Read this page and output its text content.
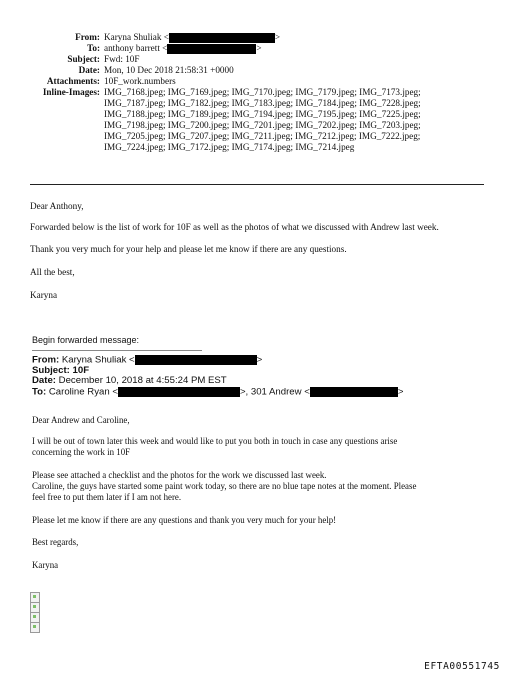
From: Karyna Shuliak <	>
To: anthony barrett <	>
Subject: Fwd: 10F
Date: Mon, 10 Dec 2018 21:58:31 +0000
Attachments: 10F_work.numbers
Inline-Images: IMG_7168.jpeg; IMG_7169.jpeg; IMG_7170.jpeg; IMG_7179.jpeg; IMG_7173.jpeg; IMG_7187.jpeg; IMG_7182.jpeg; IMG_7183.jpeg; IMG_7184.jpeg; IMG_7228.jpeg; IMG_7188.jpeg; IMG_7189.jpeg; IMG_7194.jpeg; IMG_7195.jpeg; IMG_7225.jpeg; IMG_7198.jpeg; IMG_7200.jpeg; IMG_7201.jpeg; IMG_7202.jpeg; IMG_7203.jpeg; IMG_7205.jpeg; IMG_7207.jpeg; IMG_7211.jpeg; IMG_7212.jpeg; IMG_7222.jpeg; IMG_7224.jpeg; IMG_7172.jpeg; IMG_7174.jpeg; IMG_7214.jpeg
Dear Anthony,
Forwarded below is the list of work for 10F as well as the photos of what we discussed with Andrew last week.
Thank you very much for your help and please let me know if there are any questions.
All the best,
Karyna
Begin forwarded message:
From: Karyna Shuliak <	>
Subject: 10F
Date: December 10, 2018 at 4:55:24 PM EST
To: Caroline Ryan <	>, 301 Andrew <	>
Dear Andrew and Caroline,
I will be out of town later this week and would like to put you both in touch in case any questions arise
concerning the work in 10F
Please see attached a checklist and the photos for the work we discussed last week.
Caroline, the guys have started some paint work today, so there are no blue tape notes at the moment. Please
feel free to put them later if I am not here.
Please let me know if there are any questions and thank you very much for your help!
Best regards,
Karyna
EFTA00551745
